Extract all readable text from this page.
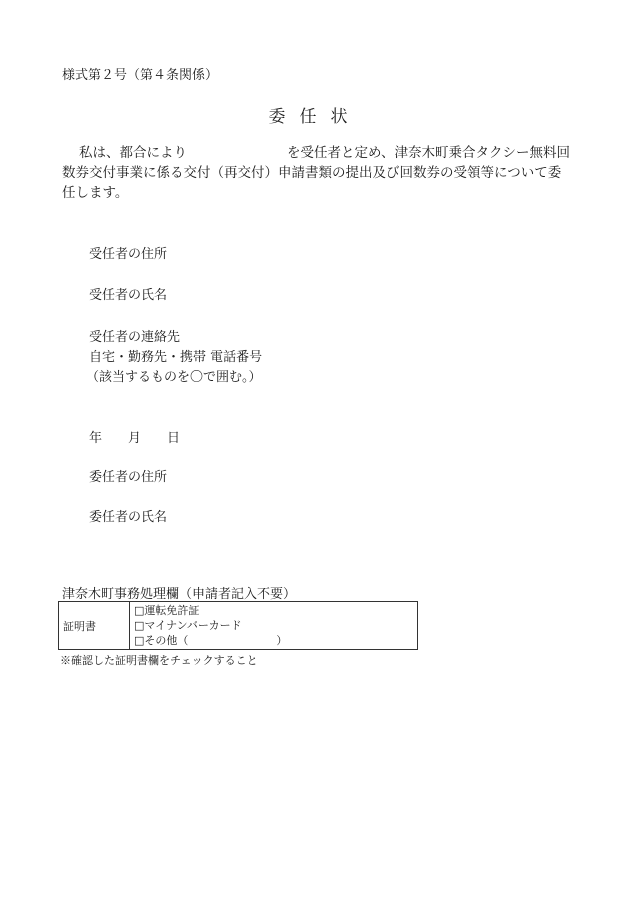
様式第２号（第４条関係）
委任状

私は、都合により	を受任者と定め、津奈木町乗合タクシー無料回

数券交付事業に係る交付（再交付）申請書類の提出及び回数券の受領等について委

任します。

受任者の住所
受任者の氏名
受任者の連絡先
自宅・勤務先・携帯 電話番号
（該当するものを〇で囲む。）
年 月 日
委任者の住所
委任者の氏名
津奈木町事務処理欄（申請者記入不要）
証明書	
□運転免許証
□マイナンバーカード
□その他（　　　　　　　　）
※確認した証明書欄をチェックすること
